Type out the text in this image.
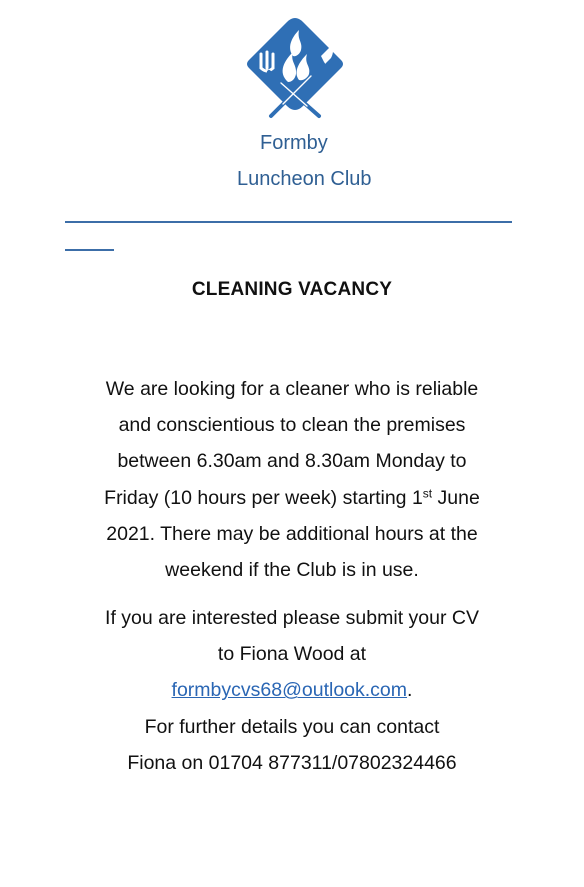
Formby
Luncheon Club
CLEANING VACANCY

We are looking for a cleaner who is reliable
and conscientious to clean the premises
between 6.30am and 8.30am Monday to
Friday (10 hours per week) starting 1st June
2021. There may be additional hours at the
weekend if the Club is in use.

If you are interested please submit your CV
to Fiona Wood at
formbycvs68@outlook.com.
For further details you can contact
Fiona on 01704 877311/07802324466
